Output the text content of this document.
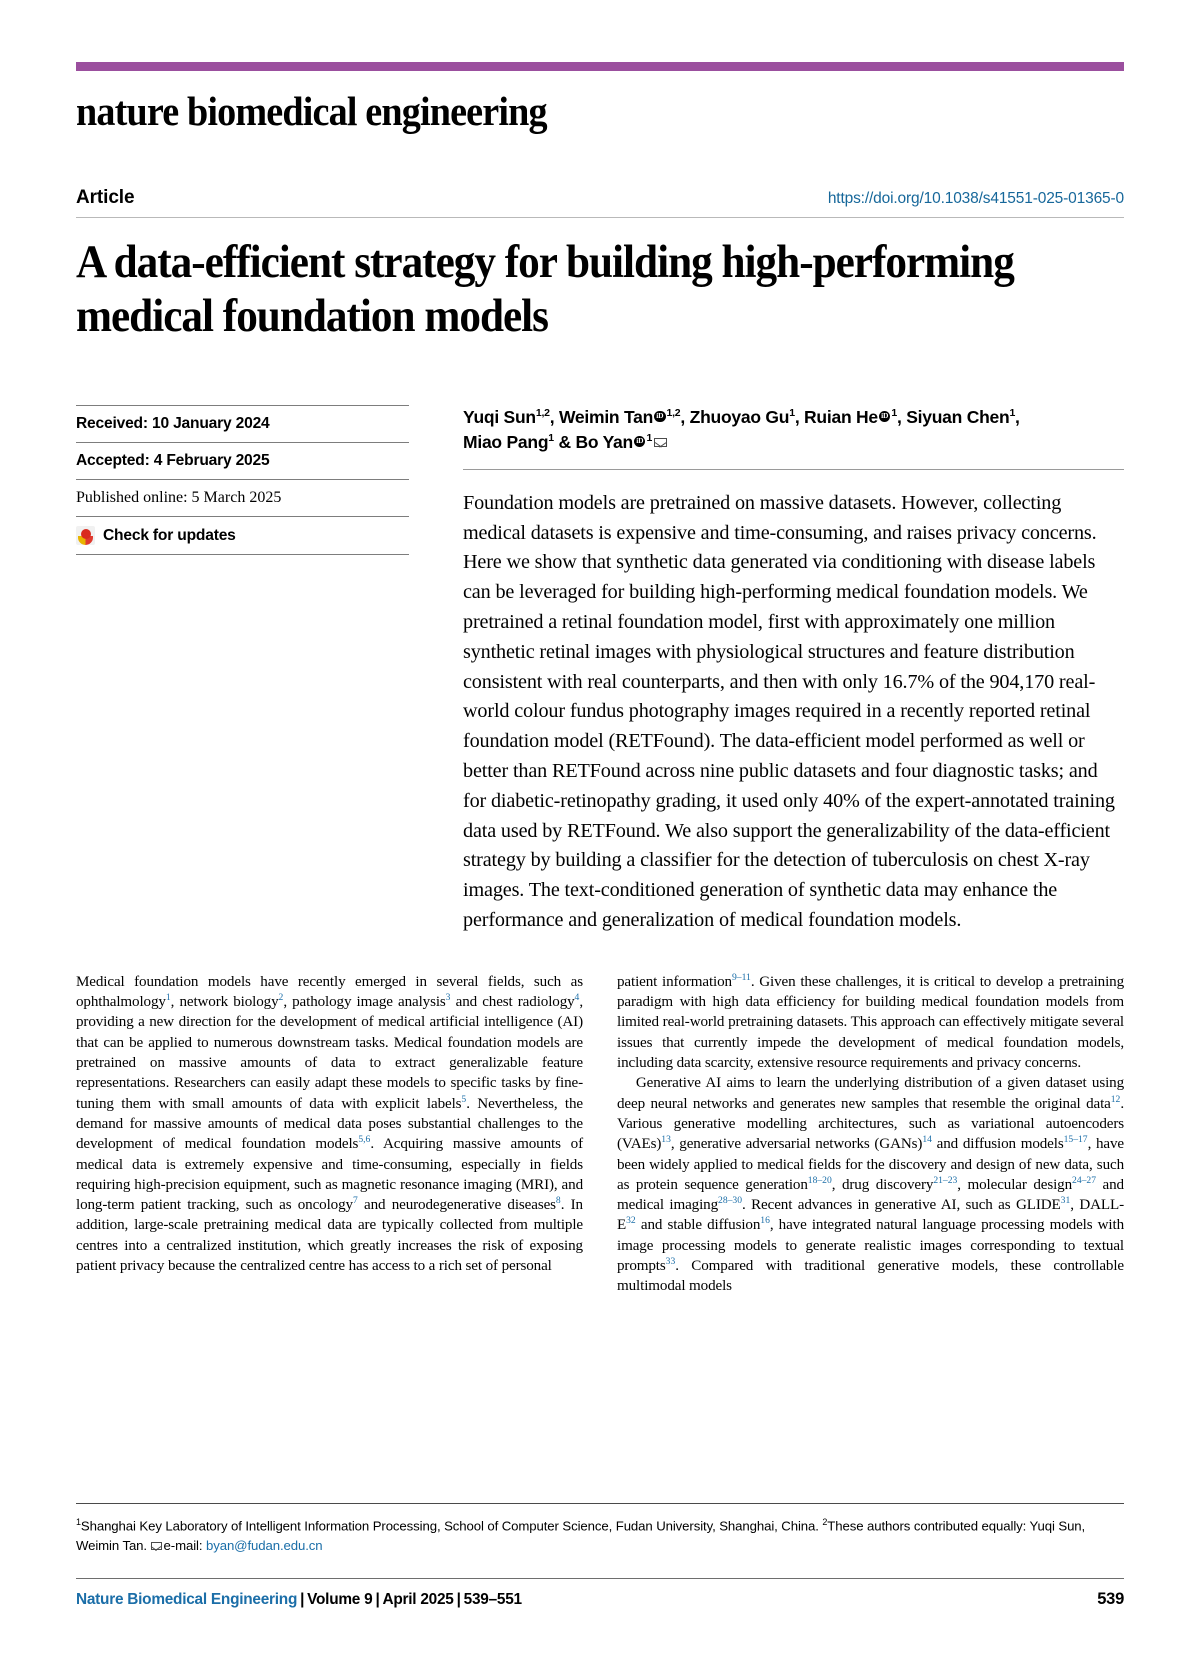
nature biomedical engineering
Article	https://doi.org/10.1038/s41551-025-01365-0
A data-efficient strategy for building high-performing medical foundation models
Received: 10 January 2024
Accepted: 4 February 2025
Published online: 5 March 2025
Check for updates
Yuqi Sun$^{1,2}$, Weimin Tan iD $^{1,2}$, Zhuoyao Gu$^1$, Ruian He iD $^1$, Siyuan Chen$^1$,
Miao Pang$^1$ & Bo Yan iD $^1$
Foundation models are pretrained on massive datasets. However, collecting medical datasets is expensive and time-consuming, and raises privacy concerns. Here we show that synthetic data generated via conditioning with disease labels can be leveraged for building high-performing medical foundation models. We pretrained a retinal foundation model, first with approximately one million synthetic retinal images with physiological structures and feature distribution consistent with real counterparts, and then with only 16.7% of the 904,170 real-world colour fundus photography images required in a recently reported retinal foundation model (RETFound). The data-efficient model performed as well or better than RETFound across nine public datasets and four diagnostic tasks; and for diabetic-retinopathy grading, it used only 40% of the expert-annotated training data used by RETFound. We also support the generalizability of the data-efficient strategy by building a classifier for the detection of tuberculosis on chest X-ray images. The text-conditioned generation of synthetic data may enhance the performance and generalization of medical foundation models.

Medical foundation models have recently emerged in several fields, such as ophthalmology$^1$, network biology$^2$, pathology image analysis$^3$ and chest radiology$^4$, providing a new direction for the development of medical artificial intelligence (AI) that can be applied to numerous downstream tasks. Medical foundation models are pretrained on massive amounts of data to extract generalizable feature representations. Researchers can easily adapt these models to specific tasks by fine-tuning them with small amounts of data with explicit labels$^5$. Nevertheless, the demand for massive amounts of medical data poses substantial challenges to the development of medical foundation models$^{5,6}$. Acquiring massive amounts of medical data is extremely expensive and time-consuming, especially in fields requiring high-precision equipment, such as magnetic resonance imaging (MRI), and long-term patient tracking, such as oncology$^7$ and neurodegenerative diseases$^8$. In addition, large-scale pretraining medical data are typically collected from multiple centres into a centralized institution, which greatly increases the risk of exposing patient privacy because the centralized centre has access to a rich set of personal

patient information$^{9-11}$. Given these challenges, it is critical to develop a pretraining paradigm with high data efficiency for building medical foundation models from limited real-world pretraining datasets. This approach can effectively mitigate several issues that currently impede the development of medical foundation models, including data scarcity, extensive resource requirements and privacy concerns.

Generative AI aims to learn the underlying distribution of a given dataset using deep neural networks and generates new samples that resemble the original data$^{12}$. Various generative modelling architectures, such as variational autoencoders (VAEs)$^{13}$, generative adversarial networks (GANs)$^{14}$ and diffusion models$^{15-17}$, have been widely applied to medical fields for the discovery and design of new data, such as protein sequence generation$^{18-20}$, drug discovery$^{21-23}$, molecular design$^{24-27}$ and medical imaging$^{28-30}$. Recent advances in generative AI, such as GLIDE$^{31}$, DALL-E$^{32}$ and stable diffusion$^{16}$, have integrated natural language processing models with image processing models to generate realistic images corresponding to textual prompts$^{33}$. Compared with traditional generative models, these controllable multimodal models

$^1$Shanghai Key Laboratory of Intelligent Information Processing, School of Computer Science, Fudan University, Shanghai, China. $^2$These authors contributed equally: Yuqi Sun, Weimin Tan. e-mail: byan@fudan.edu.cn
Nature Biomedical Engineering | Volume 9 | April 2025 | 539–551	539
